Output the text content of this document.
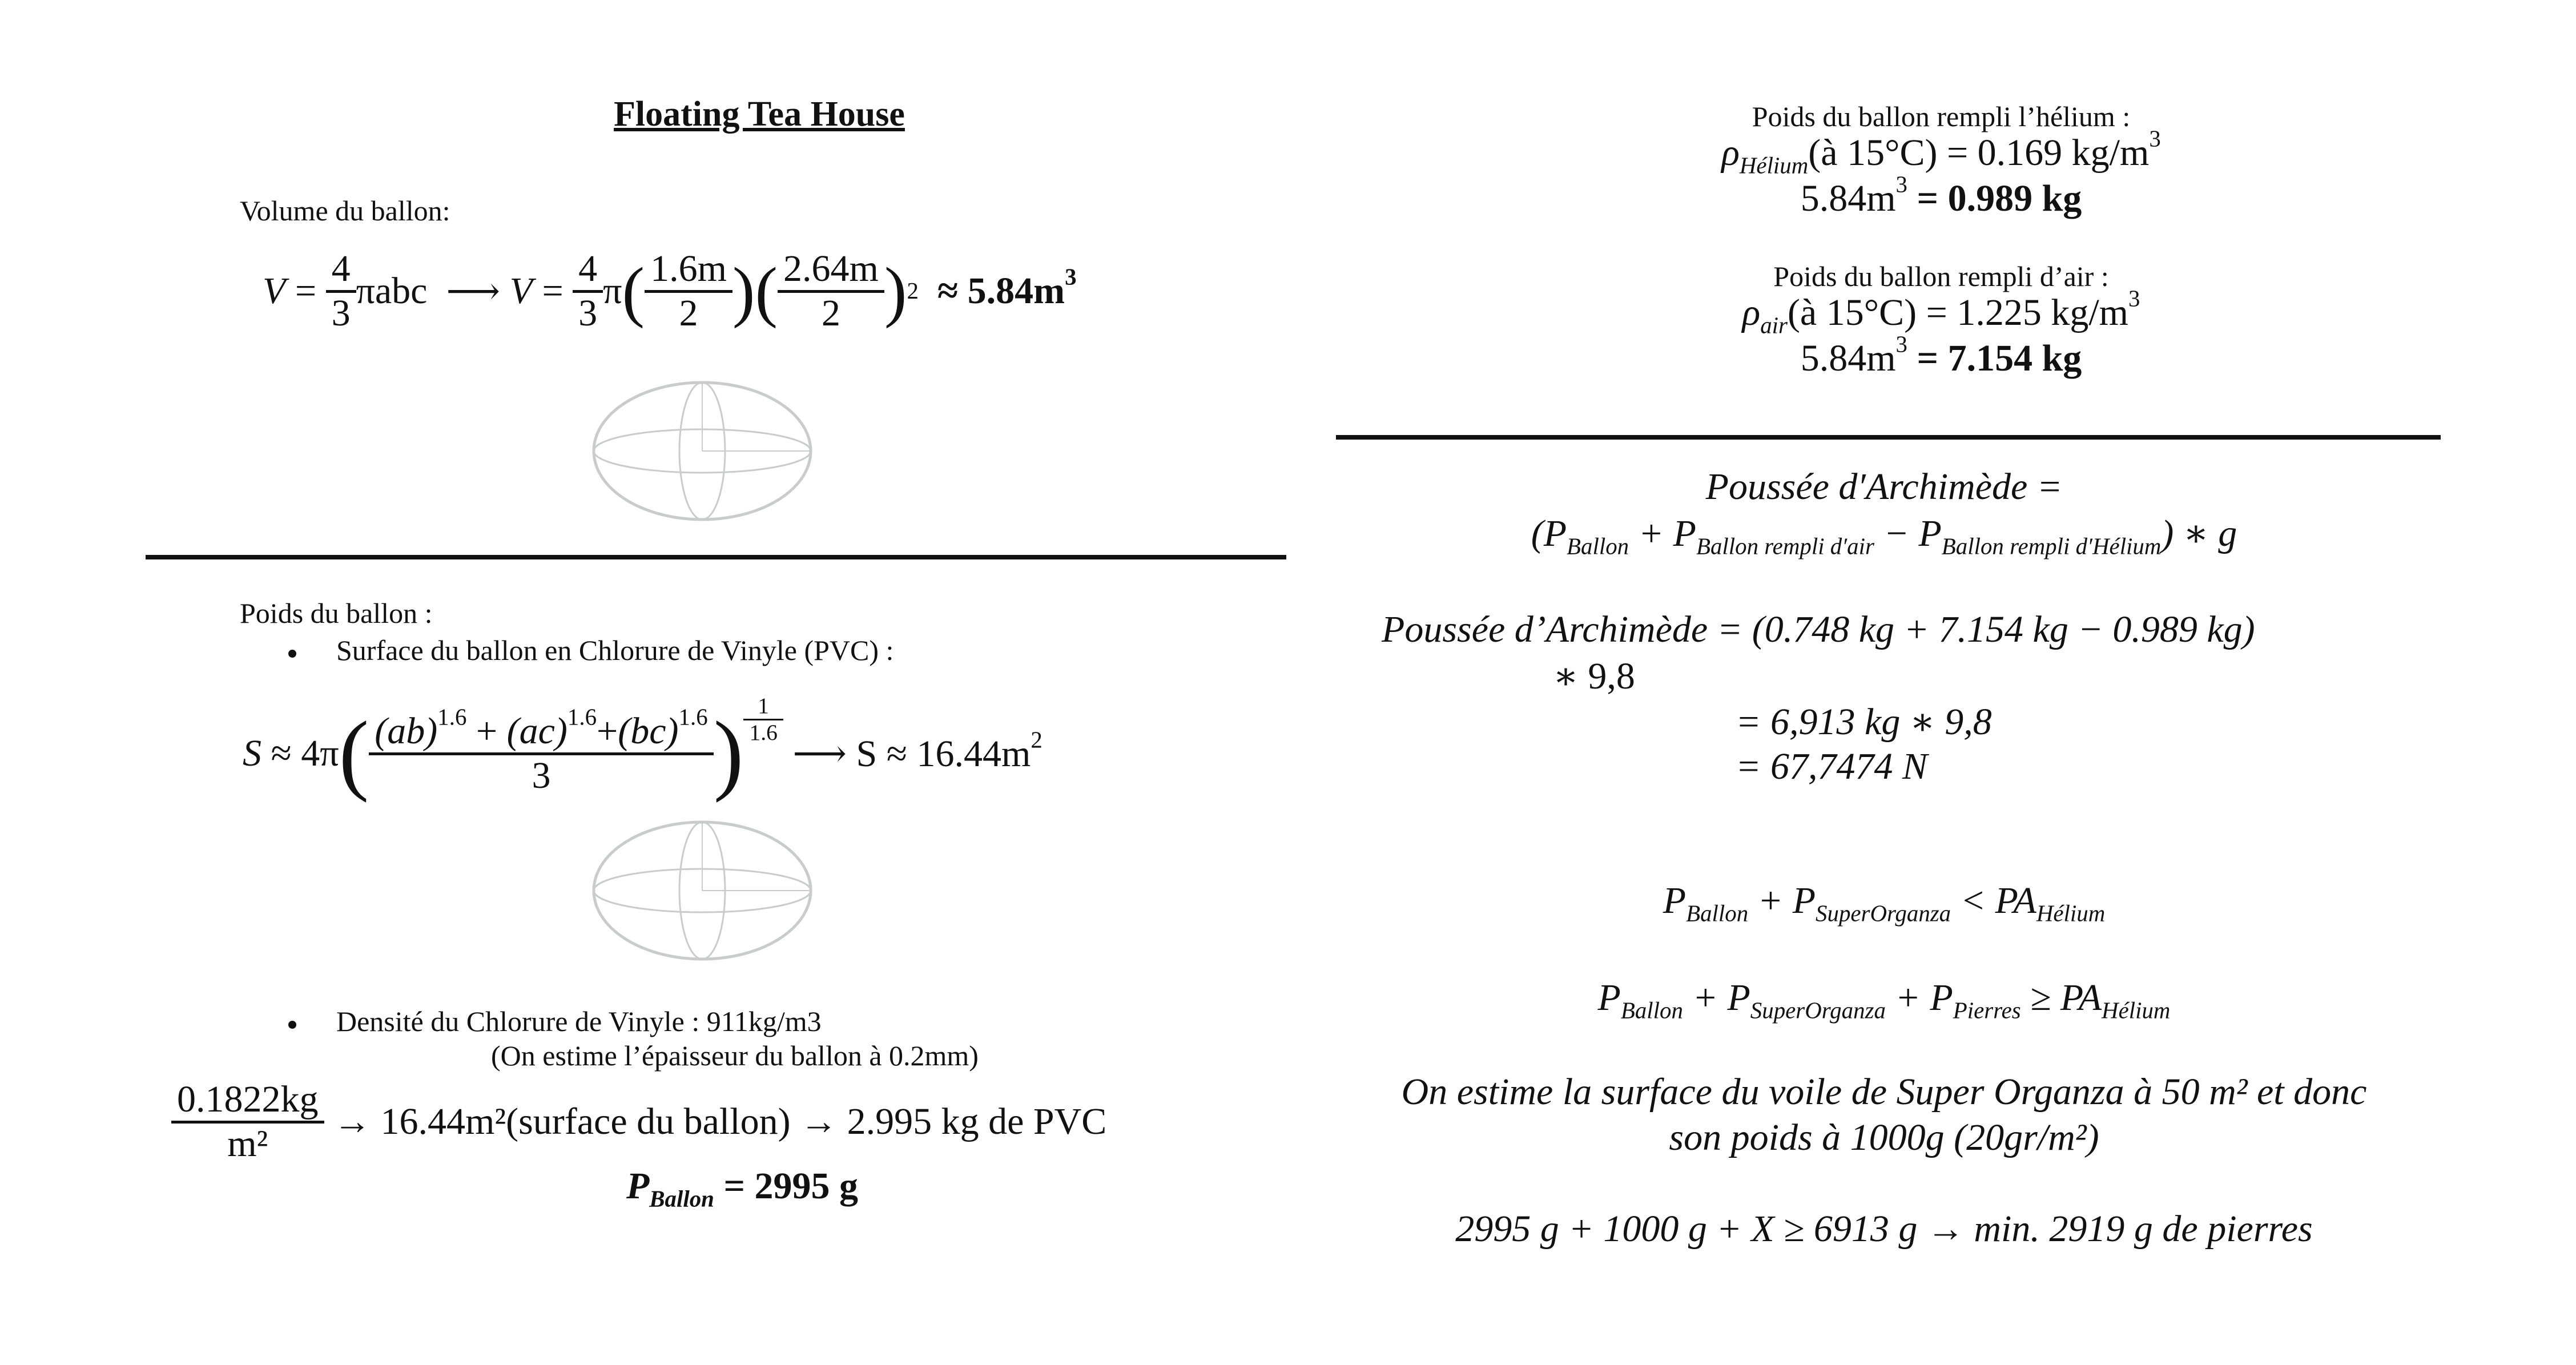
Floating Tea House
Volume du ballon:
$V = \frac{4}{3}$ πabc
⟶
$V = \frac{4}{3}$ π ( $\frac{1.6m}{2}$ )( $\frac{2.64m}{2}$ ) 2
≈ $5.84m^3$
Poids du ballon :
Surface du ballon en Chlorure de Vinyle (PVC) :
S ≈ 4π ( $\frac{(ab)^{1.6} + (ac)^{1.6}+(bc)^{1.6}}{3}$ ) $\frac{1}{1.6}$

⟶ $S \approx 16.44m^2$
Densité du Chlorure de Vinyle : 911kg/m3
(On estime l’épaisseur du ballon à 0.2mm)
$\frac{0.1822kg}{\text{m²}}$
→ 16.44m²(surface du ballon) → 2.995 kg de PVC
$P_{Ballon} = 2995$ g
Poids du ballon rempli l’hélium :
$\rho_{Hélium}(à$ 15°C) = 0.169 $kg/m^3$
$5.84m^3 = 0.989$ kg
Poids du ballon rempli d’air :
$\rho_{air}(à$ 15°C) = 1.225 $kg/m^3$
$5.84m^3 = 7.154$ kg
Poussée d′Archimède =
$(P_{Ballon} + P_{Ballon rempli d'air} - P_{Ballon rempli d'Hélium})$ ∗ g
Poussée d’Archimède = (0.748 kg + 7.154 kg − 0.989 kg)
∗ 9,8
= 6,913 kg ∗ 9,8
= 67,7474 N
$P_{Ballon} + P_{SuperOrganza} < PA_{Hélium}$
$P_{Ballon} + P_{SuperOrganza} + P_{Pierres} \ge PA_{Hélium}$
On estime la surface du voile de Super Organza à 50 m² et donc
son poids à 1000g (20gr/m²)
2995 g + 1000 g + X ≥ 6913 g → min. 2919 g de pierres
